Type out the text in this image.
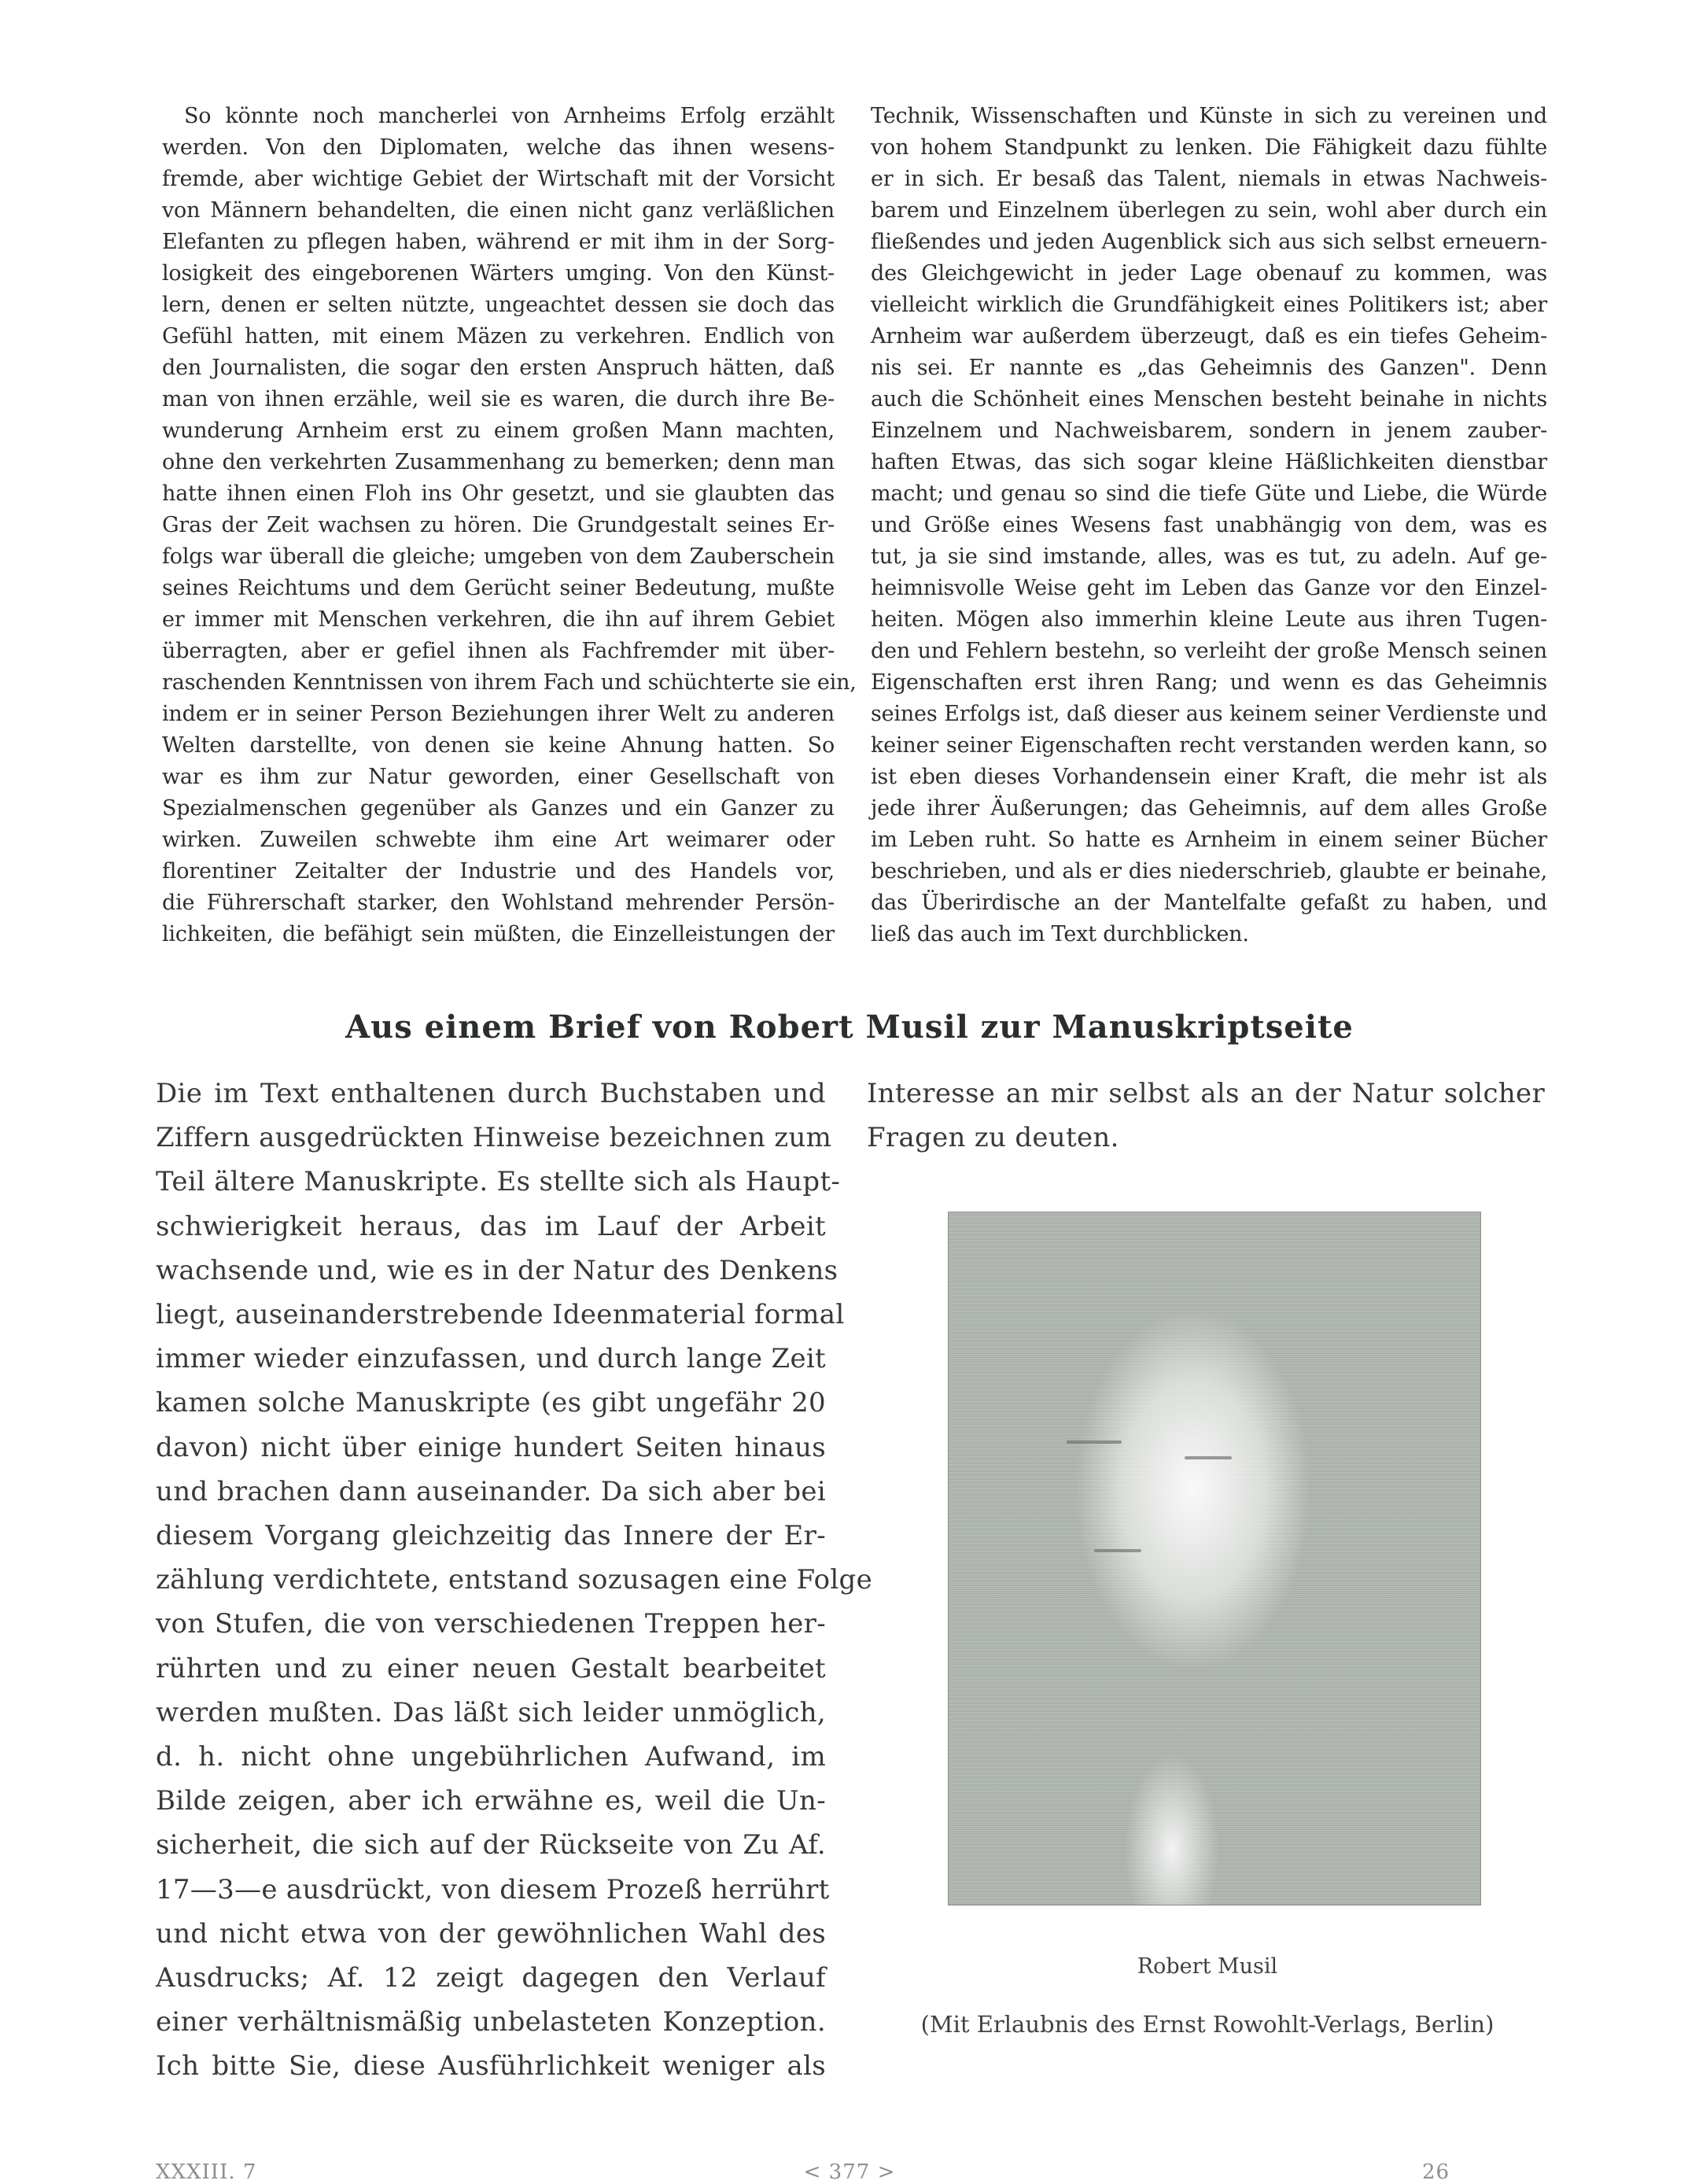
So könnte noch mancherlei von Arnheims Erfolg erzählt
werden. Von den Diplomaten, welche das ihnen wesens-
fremde, aber wichtige Gebiet der Wirtschaft mit der Vorsicht
von Männern behandelten, die einen nicht ganz verläßlichen
Elefanten zu pflegen haben, während er mit ihm in der Sorg-
losigkeit des eingeborenen Wärters umging. Von den Künst-
lern, denen er selten nützte, ungeachtet dessen sie doch das
Gefühl hatten, mit einem Mäzen zu verkehren. Endlich von
den Journalisten, die sogar den ersten Anspruch hätten, daß
man von ihnen erzähle, weil sie es waren, die durch ihre Be-
wunderung Arnheim erst zu einem großen Mann machten,
ohne den verkehrten Zusammenhang zu bemerken; denn man
hatte ihnen einen Floh ins Ohr gesetzt, und sie glaubten das
Gras der Zeit wachsen zu hören. Die Grundgestalt seines Er-
folgs war überall die gleiche; umgeben von dem Zauberschein
seines Reichtums und dem Gerücht seiner Bedeutung, mußte
er immer mit Menschen verkehren, die ihn auf ihrem Gebiet
überragten, aber er gefiel ihnen als Fachfremder mit über-
raschenden Kenntnissen von ihrem Fach und schüchterte sie ein,
indem er in seiner Person Beziehungen ihrer Welt zu anderen
Welten darstellte, von denen sie keine Ahnung hatten. So
war es ihm zur Natur geworden, einer Gesellschaft von
Spezialmenschen gegenüber als Ganzes und ein Ganzer zu
wirken. Zuweilen schwebte ihm eine Art weimarer oder
florentiner Zeitalter der Industrie und des Handels vor,
die Führerschaft starker, den Wohlstand mehrender Persön-
lichkeiten, die befähigt sein müßten, die Einzelleistungen der
Technik, Wissenschaften und Künste in sich zu vereinen und
von hohem Standpunkt zu lenken. Die Fähigkeit dazu fühlte
er in sich. Er besaß das Talent, niemals in etwas Nachweis-
barem und Einzelnem überlegen zu sein, wohl aber durch ein
fließendes und jeden Augenblick sich aus sich selbst erneuern-
des Gleichgewicht in jeder Lage obenauf zu kommen, was
vielleicht wirklich die Grundfähigkeit eines Politikers ist; aber
Arnheim war außerdem überzeugt, daß es ein tiefes Geheim-
nis sei. Er nannte es „das Geheimnis des Ganzen". Denn
auch die Schönheit eines Menschen besteht beinahe in nichts
Einzelnem und Nachweisbarem, sondern in jenem zauber-
haften Etwas, das sich sogar kleine Häßlichkeiten dienstbar
macht; und genau so sind die tiefe Güte und Liebe, die Würde
und Größe eines Wesens fast unabhängig von dem, was es
tut, ja sie sind imstande, alles, was es tut, zu adeln. Auf ge-
heimnisvolle Weise geht im Leben das Ganze vor den Einzel-
heiten. Mögen also immerhin kleine Leute aus ihren Tugen-
den und Fehlern bestehn, so verleiht der große Mensch seinen
Eigenschaften erst ihren Rang; und wenn es das Geheimnis
seines Erfolgs ist, daß dieser aus keinem seiner Verdienste und
keiner seiner Eigenschaften recht verstanden werden kann, so
ist eben dieses Vorhandensein einer Kraft, die mehr ist als
jede ihrer Äußerungen; das Geheimnis, auf dem alles Große
im Leben ruht. So hatte es Arnheim in einem seiner Bücher
beschrieben, und als er dies niederschrieb, glaubte er beinahe,
das Überirdische an der Mantelfalte gefaßt zu haben, und
ließ das auch im Text durchblicken.
Aus einem Brief von Robert Musil zur Manuskriptseite
Die im Text enthaltenen durch Buchstaben und
Ziffern ausgedrückten Hinweise bezeichnen zum
Teil ältere Manuskripte. Es stellte sich als Haupt-
schwierigkeit heraus, das im Lauf der Arbeit
wachsende und, wie es in der Natur des Denkens
liegt, auseinanderstrebende Ideenmaterial formal
immer wieder einzufassen, und durch lange Zeit
kamen solche Manuskripte (es gibt ungefähr 20
davon) nicht über einige hundert Seiten hinaus
und brachen dann auseinander. Da sich aber bei
diesem Vorgang gleichzeitig das Innere der Er-
zählung verdichtete, entstand sozusagen eine Folge
von Stufen, die von verschiedenen Treppen her-
rührten und zu einer neuen Gestalt bearbeitet
werden mußten. Das läßt sich leider unmöglich,
d. h. nicht ohne ungebührlichen Aufwand, im
Bilde zeigen, aber ich erwähne es, weil die Un-
sicherheit, die sich auf der Rückseite von Zu Af.
17—3—e ausdrückt, von diesem Prozeß herrührt
und nicht etwa von der gewöhnlichen Wahl des
Ausdrucks; Af. 12 zeigt dagegen den Verlauf
einer verhältnismäßig unbelasteten Konzeption.
Ich bitte Sie, diese Ausführlichkeit weniger als
Interesse an mir selbst als an der Natur solcher
Fragen zu deuten.
Robert Musil
(Mit Erlaubnis des Ernst Rowohlt-Verlags, Berlin)
XXXIII. 7	< 377 >	26
